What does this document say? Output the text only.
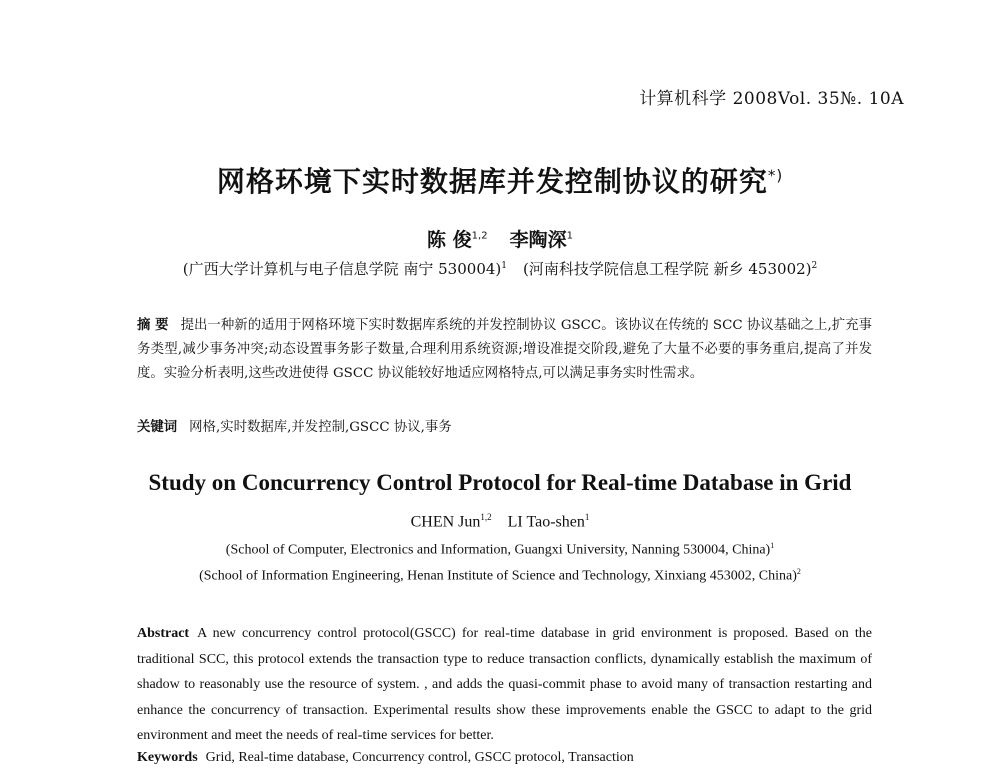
计算机科学 2008Vol. 35№. 10A
网格环境下实时数据库并发控制协议的研究*)
陈 俊$^{1,2}$ 李陶深$^1$
(广西大学计算机与电子信息学院 南宁 530004)$^1$ (河南科技学院信息工程学院 新乡 453002)$^2$
摘 要 提出一种新的适用于网格环境下实时数据库系统的并发控制协议 GSCC。该协议在传统的 SCC 协议基础之上,扩充事务类型,减少事务冲突;动态设置事务影子数量,合理利用系统资源;增设准提交阶段,避免了大量不必要的事务重启,提高了并发度。实验分析表明,这些改进使得 GSCC 协议能较好地适应网格特点,可以满足事务实时性需求。
关键词 网格,实时数据库,并发控制,GSCC 协议,事务
Study on Concurrency Control Protocol for Real-time Database in Grid
CHEN Jun$^{1,2}$ LI Tao-shen$^1$
(School of Computer, Electronics and Information, Guangxi University, Nanning 530004, China)$^1$
(School of Information Engineering, Henan Institute of Science and Technology, Xinxiang 453002, China)$^2$
Abstract A new concurrency control protocol(GSCC) for real-time database in grid environment is proposed. Based on the traditional SCC, this protocol extends the transaction type to reduce transaction conflicts, dynamically establish the maximum of shadow to reasonably use the resource of system. , and adds the quasi-commit phase to avoid many of transaction restarting and enhance the concurrency of transaction. Experimental results show these improvements enable the GSCC to adapt to the grid environment and meet the needs of real-time services for better.
Keywords Grid, Real-time database, Concurrency control, GSCC protocol, Transaction
